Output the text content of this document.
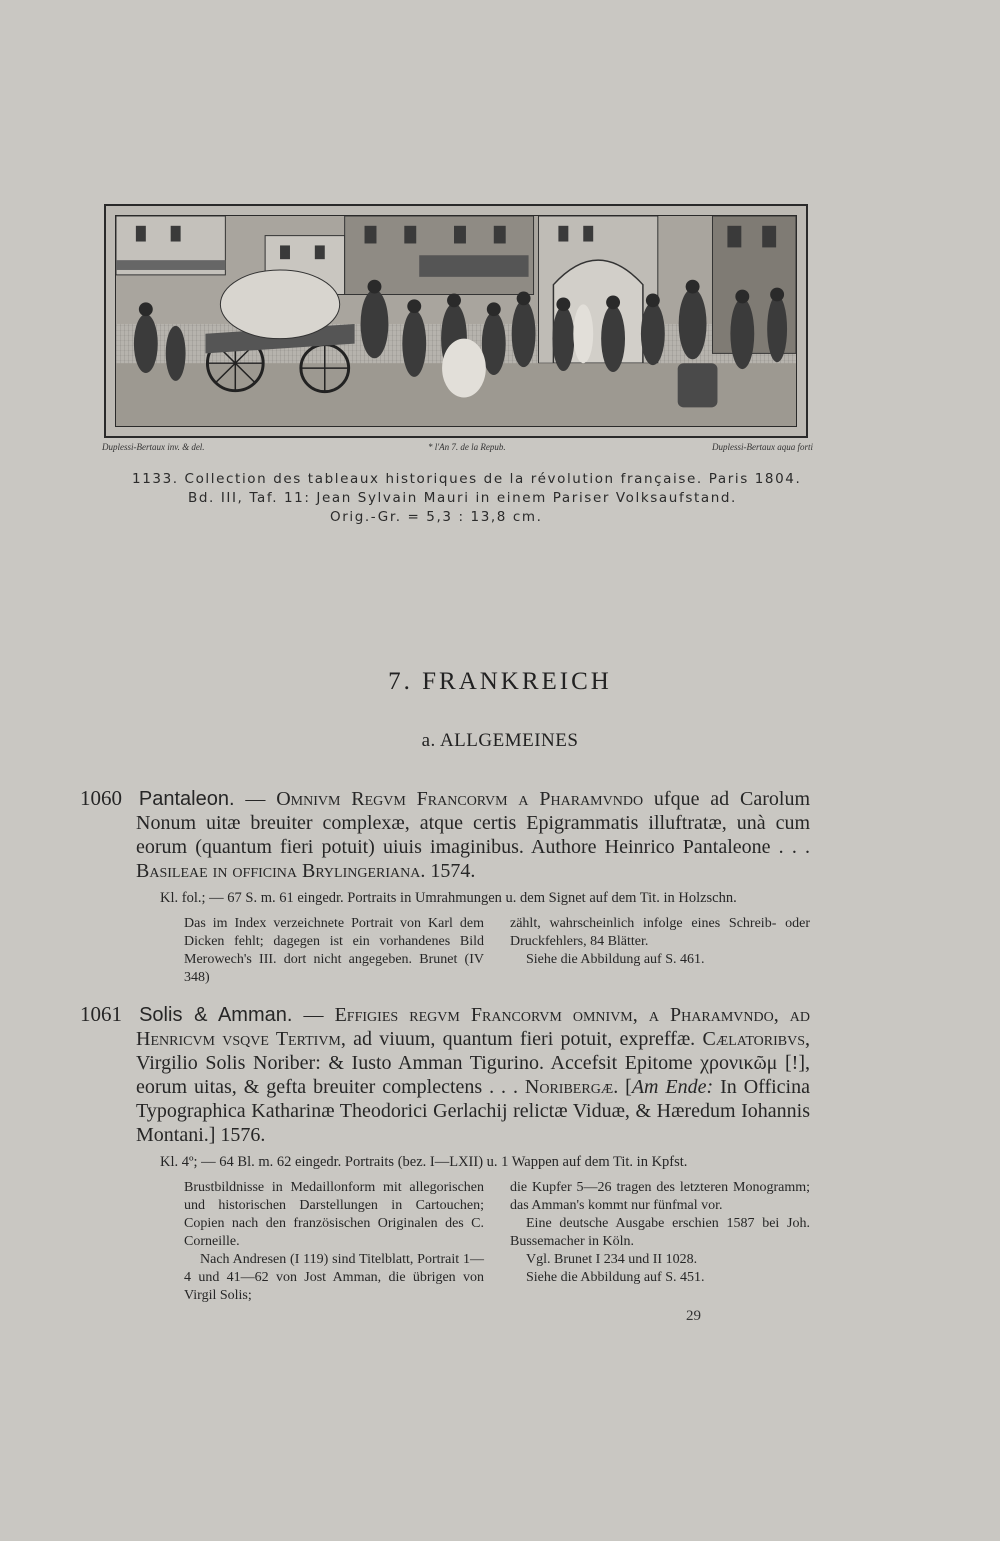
Duplessi-Bertaux inv. & del.	* l'An 7. de la Repub.	Duplessi-Bertaux aqua forti
1133. Collection des tableaux historiques de la révolution française. Paris 1804.
Bd. III, Taf. 11: Jean Sylvain Mauri in einem Pariser Volksaufstand.
Orig.-Gr. = 5,3 : 13,8 cm.
7. FRANKREICH
a. ALLGEMEINES
1060 Pantaleon. — Omnivm Regvm Francorvm a Pharamvndo ufque ad Carolum Nonum uitæ breuiter complexæ, atque certis Epigrammatis illuftratæ, unà cum eorum (quantum fieri potuit) uiuis imaginibus. Authore Heinrico Pantaleone . . . Basileae in officina Brylingeriana. 1574.
Kl. fol.; — 67 S. m. 61 eingedr. Portraits in Umrahmungen u. dem Signet auf dem Tit. in Holzschn.

Das im Index verzeichnete Portrait von Karl dem Dicken fehlt; dagegen ist ein vorhandenes Bild Merowech's III. dort nicht angegeben. Brunet (IV 348)

zählt, wahrscheinlich infolge eines Schreib- oder Druckfehlers, 84 Blätter.

Siehe die Abbildung auf S. 461.

1061 Solis & Amman. — Effigies regvm Francorvm omnivm, a Pharamvndo, ad Henricvm vsqve Tertivm, ad viuum, quantum fieri potuit, expreffæ. Cælatoribvs, Virgilio Solis Noriber: & Iusto Amman Tigurino. Accefsit Epitome χρονικῶμ [!], eorum uitas, & gefta breuiter complectens . . . Noribergæ. [Am Ende: In Officina Typographica Katharinæ Theodorici Gerlachij relictæ Viduæ, & Hæredum Iohannis Montani.] 1576.
Kl. 4º; — 64 Bl. m. 62 eingedr. Portraits (bez. I—LXII) u. 1 Wappen auf dem Tit. in Kpfst.

Brustbildnisse in Medaillonform mit allegorischen und historischen Darstellungen in Cartouchen; Copien nach den französischen Originalen des C. Corneille.

Nach Andresen (I 119) sind Titelblatt, Portrait 1—4 und 41—62 von Jost Amman, die übrigen von Virgil Solis;

die Kupfer 5—26 tragen des letzteren Monogramm; das Amman's kommt nur fünfmal vor.

Eine deutsche Ausgabe erschien 1587 bei Joh. Bussemacher in Köln.

Vgl. Brunet I 234 und II 1028.

Siehe die Abbildung auf S. 451.

29
